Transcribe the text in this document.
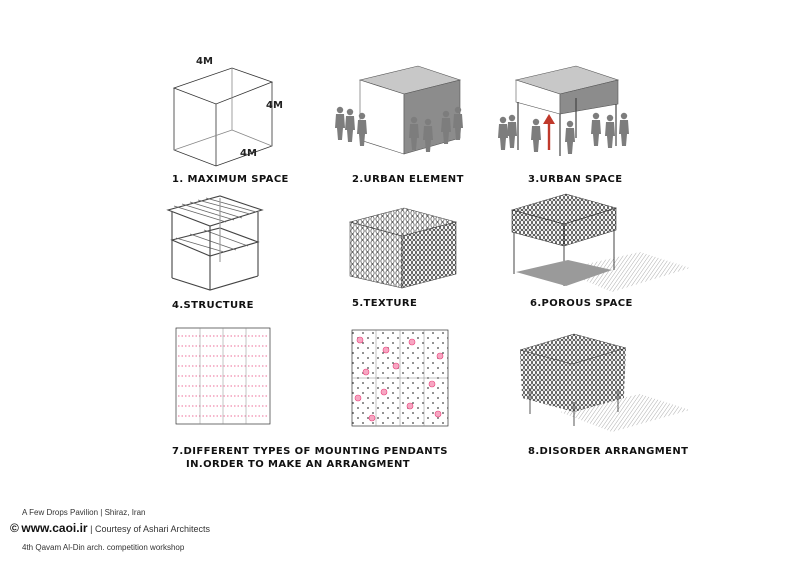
4M
4M
4M
1. MAXIMUM SPACE	2.URBAN ELEMENT	3.URBAN SPACE
4.STRUCTURE	5.TEXTURE	6.POROUS SPACE
7.DIFFERENT TYPES OF MOUNTING PENDANTS
IN.ORDER TO MAKE AN ARRANGMENT
8.DISORDER ARRANGMENT
A Few Drops Pavilion | Shiraz, Iran
© www.caoi.ir | Courtesy of Ashari Architects
4th Qavam Al-Din arch. competition workshop
